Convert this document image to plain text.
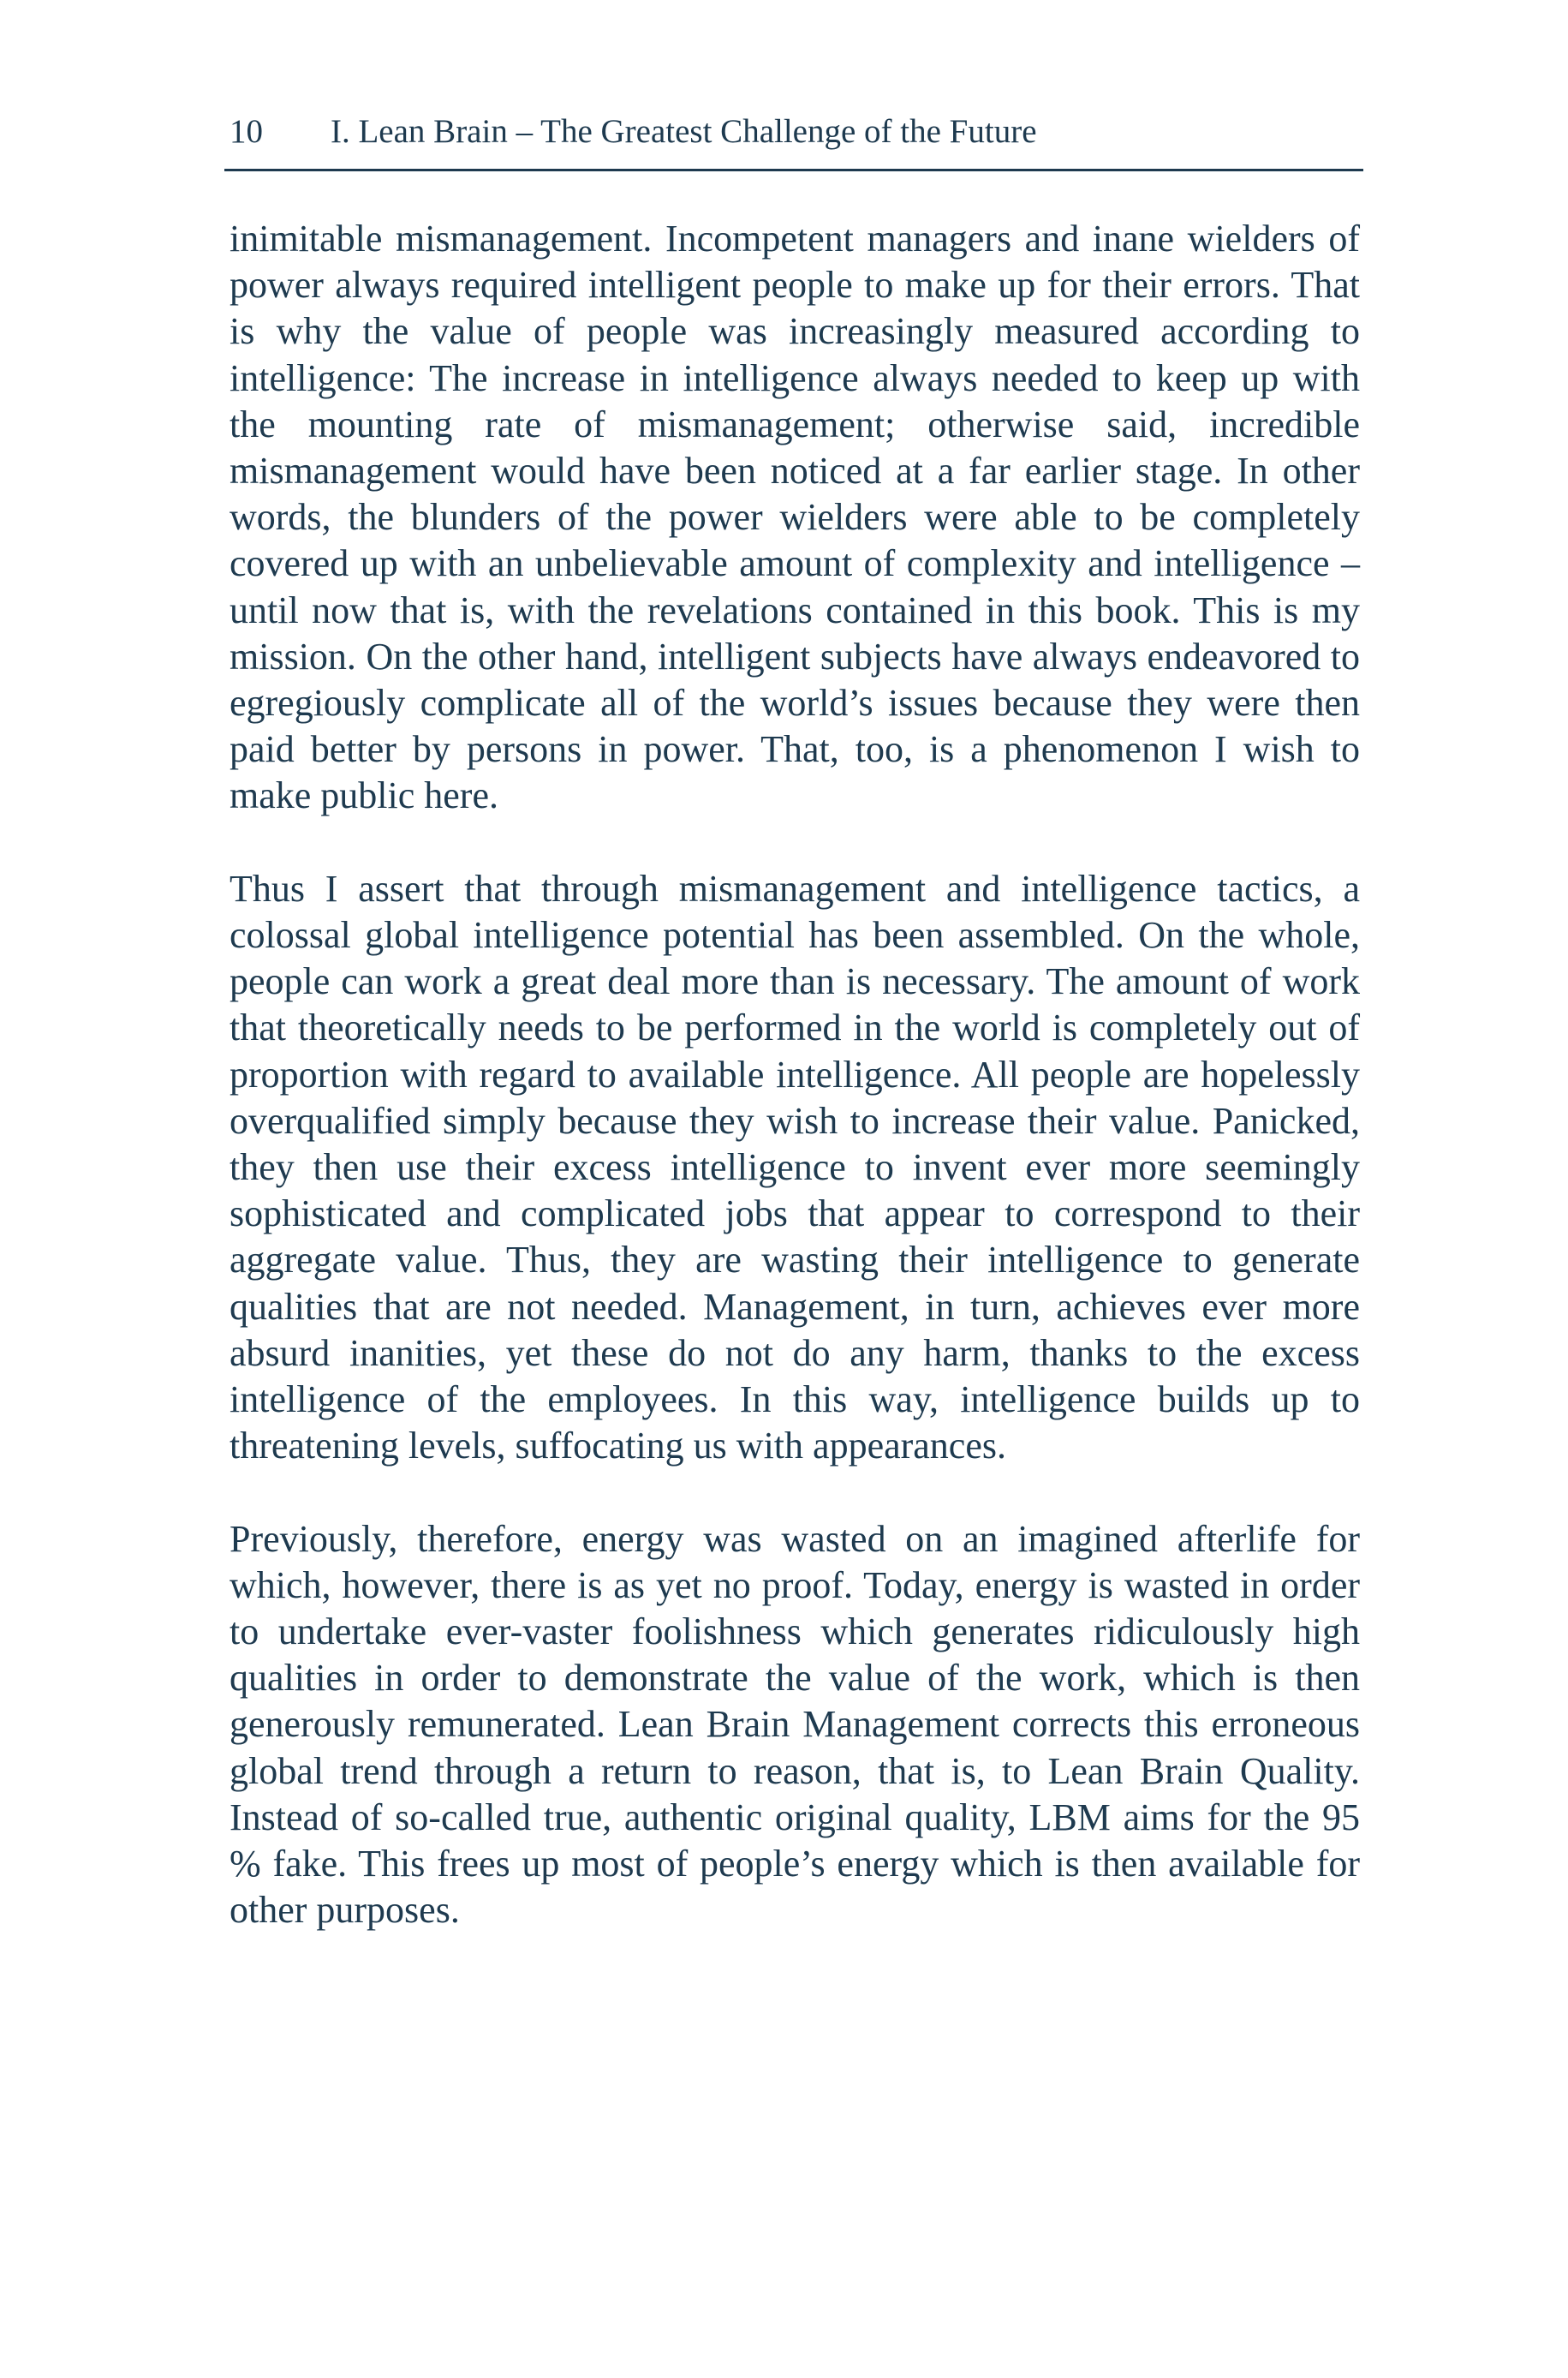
10 I. Lean Brain – The Greatest Challenge of the Future

inimitable mismanagement. Incompetent managers and inane wielders of power always required intelligent people to make up for their errors. That is why the value of people was increasingly measured according to intelligence: The increase in intelligence always needed to keep up with the mounting rate of mismanagement; otherwise said, incredible mismanagement would have been noticed at a far earlier stage. In other words, the blunders of the power wielders were able to be completely covered up with an unbelievable amount of complexity and intelligence – until now that is, with the revelations contained in this book. This is my mission. On the other hand, intelligent subjects have always endeavored to egregiously complicate all of the world’s issues because they were then paid better by persons in power. That, too, is a phenomenon I wish to make public here.

Thus I assert that through mismanagement and intelligence tactics, a colossal global intelligence potential has been assembled. On the whole, people can work a great deal more than is necessary. The amount of work that theoretically needs to be performed in the world is completely out of proportion with regard to available intelligence. All people are hopelessly overqualified simply because they wish to increase their value. Panicked, they then use their excess intelligence to invent ever more seemingly sophisticated and complicated jobs that appear to correspond to their aggregate value. Thus, they are wasting their intelligence to generate qualities that are not needed. Management, in turn, achieves ever more absurd inanities, yet these do not do any harm, thanks to the excess intelligence of the employees. In this way, intelligence builds up to threatening levels, suffocating us with appearances.

Previously, therefore, energy was wasted on an imagined afterlife for which, however, there is as yet no proof. Today, energy is wasted in order to undertake ever-vaster foolishness which generates ridiculously high qualities in order to demonstrate the value of the work, which is then generously remunerated. Lean Brain Management corrects this erroneous global trend through a return to reason, that is, to Lean Brain Quality. Instead of so-called true, authentic original quality, LBM aims for the 95 % fake. This frees up most of people’s energy which is then available for other purposes.
